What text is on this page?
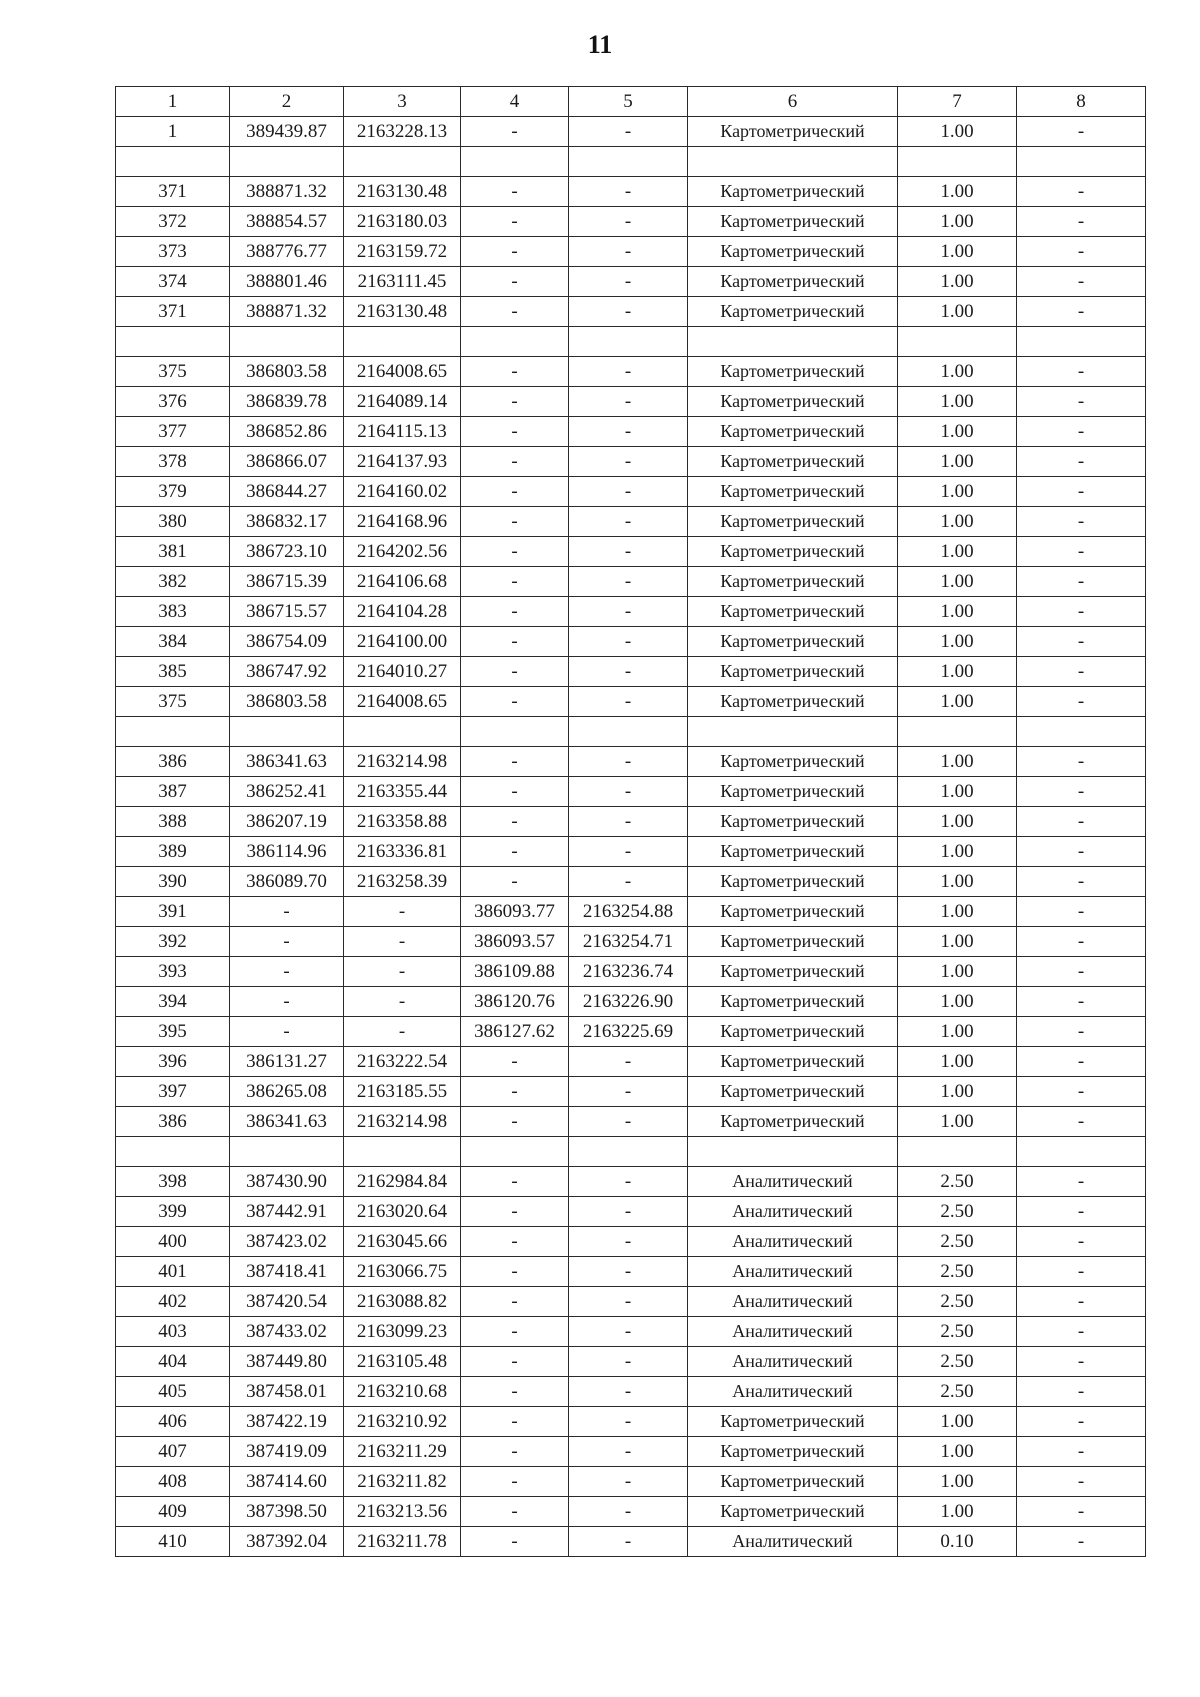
11
1	2	3	4	5	6	7	8
1	389439.87	2163228.13	-	-	Картометрический	1.00	-

371	388871.32	2163130.48	-	-	Картометрический	1.00	-
372	388854.57	2163180.03	-	-	Картометрический	1.00	-
373	388776.77	2163159.72	-	-	Картометрический	1.00	-
374	388801.46	2163111.45	-	-	Картометрический	1.00	-
371	388871.32	2163130.48	-	-	Картометрический	1.00	-

375	386803.58	2164008.65	-	-	Картометрический	1.00	-
376	386839.78	2164089.14	-	-	Картометрический	1.00	-
377	386852.86	2164115.13	-	-	Картометрический	1.00	-
378	386866.07	2164137.93	-	-	Картометрический	1.00	-
379	386844.27	2164160.02	-	-	Картометрический	1.00	-
380	386832.17	2164168.96	-	-	Картометрический	1.00	-
381	386723.10	2164202.56	-	-	Картометрический	1.00	-
382	386715.39	2164106.68	-	-	Картометрический	1.00	-
383	386715.57	2164104.28	-	-	Картометрический	1.00	-
384	386754.09	2164100.00	-	-	Картометрический	1.00	-
385	386747.92	2164010.27	-	-	Картометрический	1.00	-
375	386803.58	2164008.65	-	-	Картометрический	1.00	-

386	386341.63	2163214.98	-	-	Картометрический	1.00	-
387	386252.41	2163355.44	-	-	Картометрический	1.00	-
388	386207.19	2163358.88	-	-	Картометрический	1.00	-
389	386114.96	2163336.81	-	-	Картометрический	1.00	-
390	386089.70	2163258.39	-	-	Картометрический	1.00	-
391	-	-	386093.77	2163254.88	Картометрический	1.00	-
392	-	-	386093.57	2163254.71	Картометрический	1.00	-
393	-	-	386109.88	2163236.74	Картометрический	1.00	-
394	-	-	386120.76	2163226.90	Картометрический	1.00	-
395	-	-	386127.62	2163225.69	Картометрический	1.00	-
396	386131.27	2163222.54	-	-	Картометрический	1.00	-
397	386265.08	2163185.55	-	-	Картометрический	1.00	-
386	386341.63	2163214.98	-	-	Картометрический	1.00	-

398	387430.90	2162984.84	-	-	Аналитический	2.50	-
399	387442.91	2163020.64	-	-	Аналитический	2.50	-
400	387423.02	2163045.66	-	-	Аналитический	2.50	-
401	387418.41	2163066.75	-	-	Аналитический	2.50	-
402	387420.54	2163088.82	-	-	Аналитический	2.50	-
403	387433.02	2163099.23	-	-	Аналитический	2.50	-
404	387449.80	2163105.48	-	-	Аналитический	2.50	-
405	387458.01	2163210.68	-	-	Аналитический	2.50	-
406	387422.19	2163210.92	-	-	Картометрический	1.00	-
407	387419.09	2163211.29	-	-	Картометрический	1.00	-
408	387414.60	2163211.82	-	-	Картометрический	1.00	-
409	387398.50	2163213.56	-	-	Картометрический	1.00	-
410	387392.04	2163211.78	-	-	Аналитический	0.10	-
